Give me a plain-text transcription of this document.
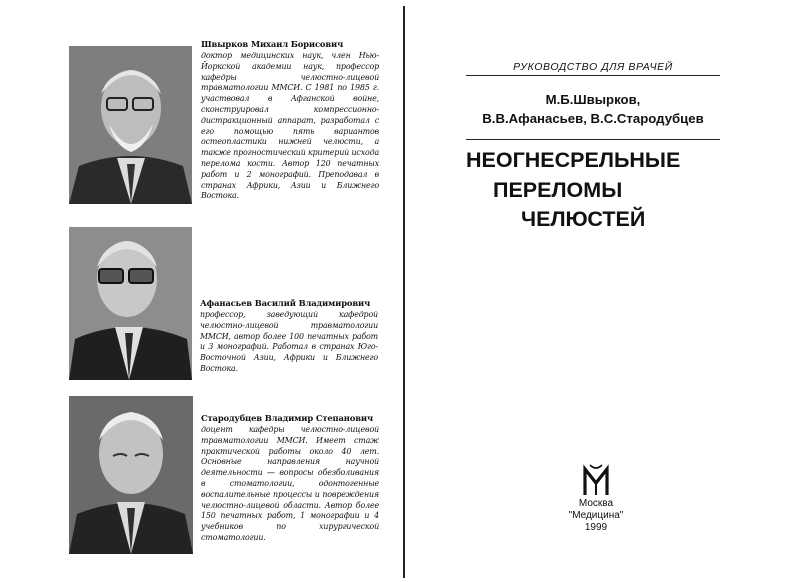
Швырков Михаил Борисович
доктор медицинских наук, член Нью-Йоркской академии наук, профессор кафедры челюстно-лицевой травматологии ММСИ. С 1981 по 1985 г. участвовал в Афганской войне, сконструировал компрессионно-дистракционный аппарат, разработал с его помощью пять вариантов остеопластики нижней челюсти, а также прогностический критерий исхода перелома кости. Автор 120 печатных работ и 2 монографий. Преподавал в странах Африки, Азии и Ближнего Востока.
Афанасьев Василий Владимирович
профессор, заведующий кафедрой челюстно-лицевой травматологии ММСИ, автор более 100 печатных работ и 3 монографий. Работал в странах Юго-Восточной Азии, Африки и Ближнего Востока.
Стародубцев Владимир Степанович
доцент кафедры челюстно-лицевой травматологии ММСИ. Имеет стаж практической работы около 40 лет. Основные направления научной деятельности — вопросы обезболивания в стоматологии, одонтогенные воспалительные процессы и повреждения челюстно-лицевой области. Автор более 150 печатных работ, 1 монографии и 4 учебников по хирургической стоматологии.
РУКОВОДСТВО ДЛЯ ВРАЧЕЙ
М.Б.Швырков,
В.В.Афанасьев, В.С.Стародубцев
НЕОГНЕСРЕЛЬНЫЕ
ПЕРЕЛОМЫ
ЧЕЛЮСТЕЙ
Москва
"Медицина"
1999
